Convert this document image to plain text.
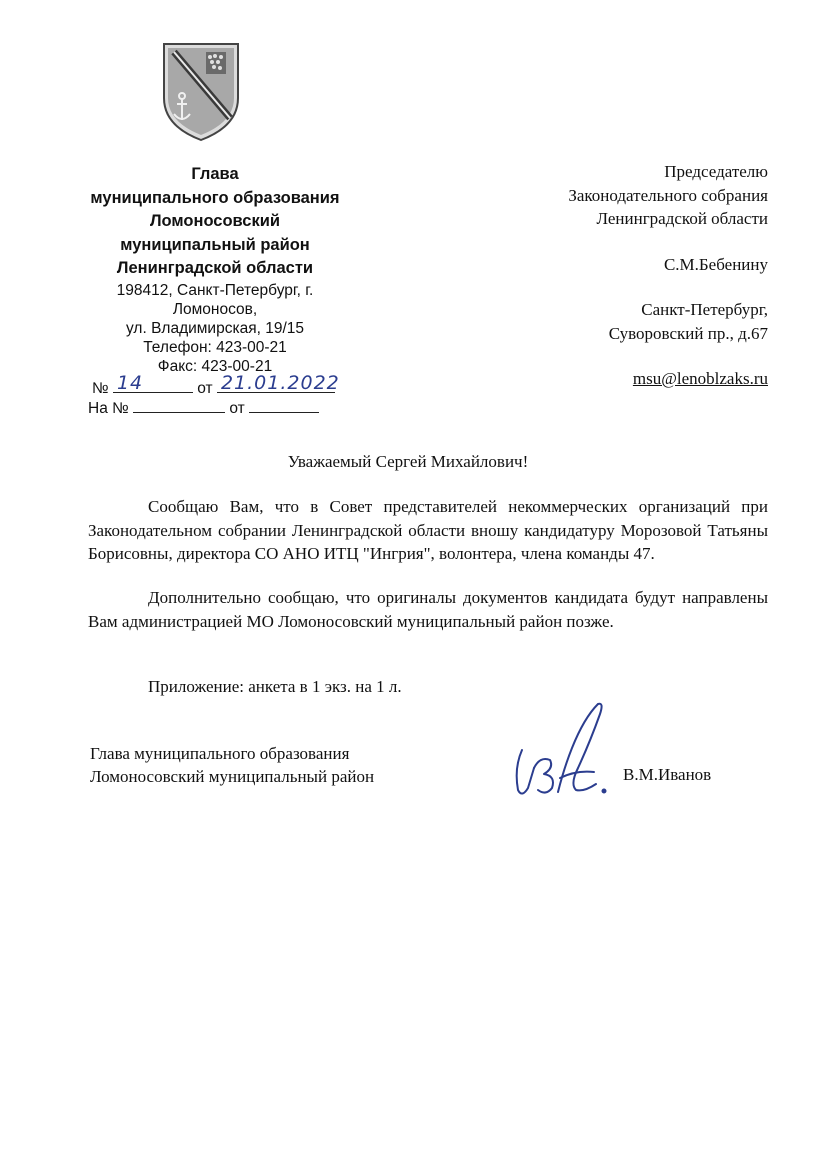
Глава
муниципального образования
Ломоносовский
муниципальный район
Ленинградской области
198412, Санкт-Петербург, г.
Ломоносов,
ул. Владимирская, 19/15
Телефон: 423-00-21
Факс: 423-00-21
№ 14	от 21.01.2022
На №	от
Председателю
Законодательного собрания
Ленинградской области
С.М.Бебенину
Санкт-Петербург,
Суворовский пр., д.67
msu@lenoblzaks.ru
Уважаемый Сергей Михайлович!
Сообщаю Вам, что в Совет представителей некоммерческих организаций при Законодательном собрании Ленинградской области вношу кандидатуру Морозовой Татьяны Борисовны, директора СО АНО ИТЦ "Ингрия", волонтера, члена команды 47.
Дополнительно сообщаю, что оригиналы документов кандидата будут направлены Вам администрацией МО Ломоносовский муниципальный район позже.
Приложение: анкета в 1 экз. на 1 л.
Глава муниципального образования
Ломоносовский муниципальный район	В.М.Иванов
